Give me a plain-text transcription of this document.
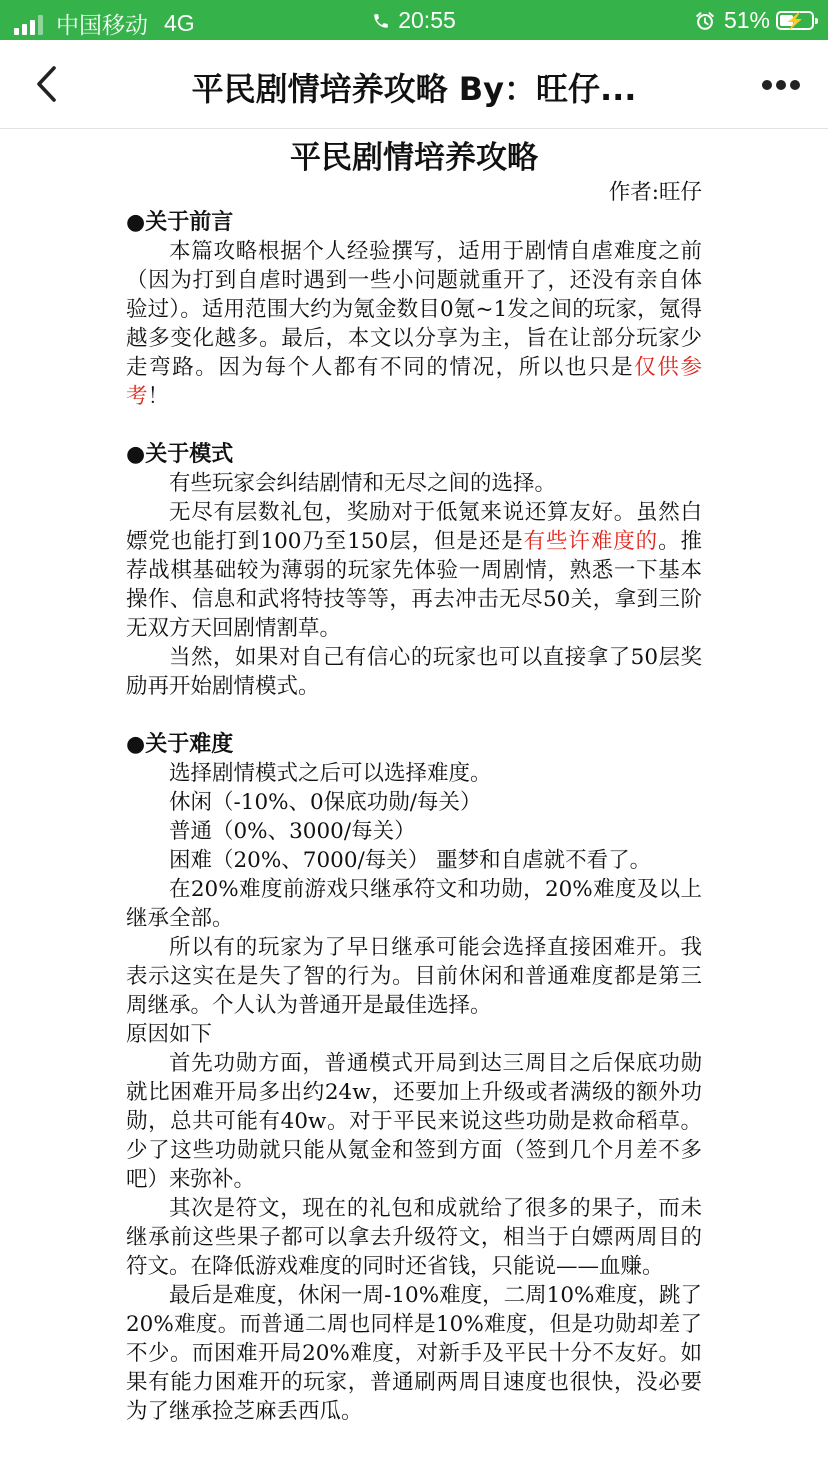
中国移动 4G	20:55	51% ⚡
平民剧情培养攻略 By：旺仔...
平民剧情培养攻略
作者:旺仔
●关于前言

本篇攻略根据个人经验撰写，适用于剧情自虐难度之前（因为打到自虐时遇到一些小问题就重开了，还没有亲自体验过）。适用范围大约为氪金数目0氪~1发之间的玩家，氪得越多变化越多。最后，本文以分享为主，旨在让部分玩家少走弯路。因为每个人都有不同的情况，所以也只是仅供参考！

●关于模式

有些玩家会纠结剧情和无尽之间的选择。

无尽有层数礼包，奖励对于低氪来说还算友好。虽然白嫖党也能打到100乃至150层，但是还是有些许难度的。推荐战棋基础较为薄弱的玩家先体验一周剧情，熟悉一下基本操作、信息和武将特技等等，再去冲击无尽50关，拿到三阶无双方天回剧情割草。

当然，如果对自己有信心的玩家也可以直接拿了50层奖励再开始剧情模式。

●关于难度

选择剧情模式之后可以选择难度。

休闲（-10%、0保底功勋/每关）

普通（0%、3000/每关）

困难（20%、7000/每关） 噩梦和自虐就不看了。

在20%难度前游戏只继承符文和功勋，20%难度及以上继承全部。

所以有的玩家为了早日继承可能会选择直接困难开。我表示这实在是失了智的行为。目前休闲和普通难度都是第三周继承。个人认为普通开是最佳选择。

原因如下

首先功勋方面，普通模式开局到达三周目之后保底功勋就比困难开局多出约24w，还要加上升级或者满级的额外功勋，总共可能有40w。对于平民来说这些功勋是救命稻草。少了这些功勋就只能从氪金和签到方面（签到几个月差不多吧）来弥补。

其次是符文，现在的礼包和成就给了很多的果子，而未继承前这些果子都可以拿去升级符文，相当于白嫖两周目的符文。在降低游戏难度的同时还省钱，只能说——血赚。

最后是难度，休闲一周-10%难度，二周10%难度，跳了20%难度。而普通二周也同样是10%难度，但是功勋却差了不少。而困难开局20%难度，对新手及平民十分不友好。如果有能力困难开的玩家，普通刷两周目速度也很快，没必要为了继承捡芝麻丢西瓜。
